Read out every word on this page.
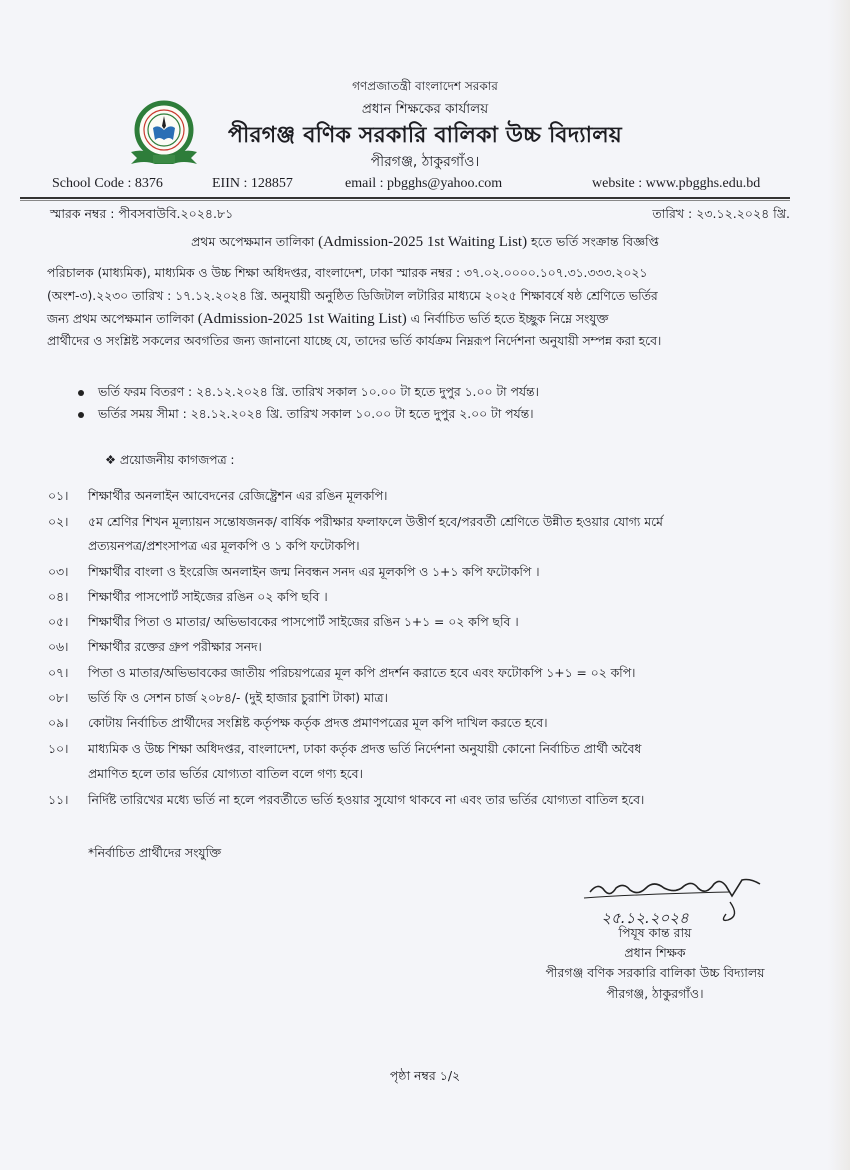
গণপ্রজাতন্ত্রী বাংলাদেশ সরকার
প্রধান শিক্ষকের কার্যালয়
পীরগঞ্জ বণিক সরকারি বালিকা উচ্চ বিদ্যালয়
পীরগঞ্জ, ঠাকুরগাঁও।
School Code : 8376	EIIN : 128857	email : pbgghs@yahoo.com	website : www.pbgghs.edu.bd
স্মারক নম্বর : পীবসবাউবি.২০২৪.৮১	তারিখ : ২৩.১২.২০২৪ খ্রি.
প্রথম অপেক্ষমান তালিকা (Admission-2025 1st Waiting List) হতে ভর্তি সংক্রান্ত বিজ্ঞপ্তি
পরিচালক (মাধ্যমিক), মাধ্যমিক ও উচ্চ শিক্ষা অধিদপ্তর, বাংলাদেশ, ঢাকা স্মারক নম্বর : ৩৭.০২.০০০০.১০৭.৩১.৩৩৩.২০২১
(অংশ-৩).২২৩০ তারিখ : ১৭.১২.২০২৪ খ্রি. অনুযায়ী অনুষ্ঠিত ডিজিটাল লটারির মাধ্যমে ২০২৫ শিক্ষাবর্ষে ষষ্ঠ শ্রেণিতে ভর্তির
জন্য প্রথম অপেক্ষমান তালিকা (Admission-2025 1st Waiting List) এ নির্বাচিত ভর্তি হতে ইচ্ছুক নিম্নে সংযুক্ত
প্রার্থীদের ও সংশ্লিষ্ট সকলের অবগতির জন্য জানানো যাচ্ছে যে, তাদের ভর্তি কার্যক্রম নিম্নরূপ নির্দেশনা অনুযায়ী সম্পন্ন করা হবে।
ভর্তি ফরম বিতরণ : ২৪.১২.২০২৪ খ্রি. তারিখ সকাল ১০.০০ টা হতে দুপুর ১.০০ টা পর্যন্ত।
ভর্তির সময় সীমা : ২৪.১২.২০২৪ খ্রি. তারিখ সকাল ১০.০০ টা হতে দুপুর ২.০০ টা পর্যন্ত।
❖ প্রয়োজনীয় কাগজপত্র :
০১। শিক্ষার্থীর অনলাইন আবেদনের রেজিষ্ট্রেশন এর রঙিন মূলকপি।
০২। ৫ম শ্রেণির শিখন মূল্যায়ন সন্তোষজনক/ বার্ষিক পরীক্ষার ফলাফলে উত্তীর্ণ হবে/পরবর্তী শ্রেণিতে উন্নীত হওয়ার যোগ্য মর্মে
প্রত্যয়নপত্র/প্রশংসাপত্র এর মূলকপি ও ১ কপি ফটোকপি।
০৩। শিক্ষার্থীর বাংলা ও ইংরেজি অনলাইন জন্ম নিবন্ধন সনদ এর মূলকপি ও ১+১ কপি ফটোকপি ।
০৪। শিক্ষার্থীর পাসপোর্ট সাইজের রঙিন ০২ কপি ছবি ।
০৫। শিক্ষার্থীর পিতা ও মাতার/ অভিভাবকের পাসপোর্ট সাইজের রঙিন ১+১ = ০২ কপি ছবি ।
০৬। শিক্ষার্থীর রক্তের গ্রুপ পরীক্ষার সনদ।
০৭। পিতা ও মাতার/অভিভাবকের জাতীয় পরিচয়পত্রের মূল কপি প্রদর্শন করাতে হবে এবং ফটোকপি ১+১ = ০২ কপি।
০৮। ভর্তি ফি ও সেশন চার্জ ২০৮৪/- (দুই হাজার চুরাশি টাকা) মাত্র।
০৯। কোটায় নির্বাচিত প্রার্থীদের সংশ্লিষ্ট কর্তৃপক্ষ কর্তৃক প্রদত্ত প্রমাণপত্রের মূল কপি দাখিল করতে হবে।
১০। মাধ্যমিক ও উচ্চ শিক্ষা অধিদপ্তর, বাংলাদেশ, ঢাকা কর্তৃক প্রদত্ত ভর্তি নির্দেশনা অনুযায়ী কোনো নির্বাচিত প্রার্থী অবৈধ
প্রমাণিত হলে তার ভর্তির যোগ্যতা বাতিল বলে গণ্য হবে।
১১। নির্দিষ্ট তারিখের মধ্যে ভর্তি না হলে পরবর্তীতে ভর্তি হওয়ার সুযোগ থাকবে না এবং তার ভর্তির যোগ্যতা বাতিল হবে।
*নির্বাচিত প্রার্থীদের সংযুক্তি
২৫.১২.২০২৪
পিযূষ কান্ত রায়
প্রধান শিক্ষক
পীরগঞ্জ বণিক সরকারি বালিকা উচ্চ বিদ্যালয়
পীরগঞ্জ, ঠাকুরগাঁও।
পৃষ্ঠা নম্বর ১/২
